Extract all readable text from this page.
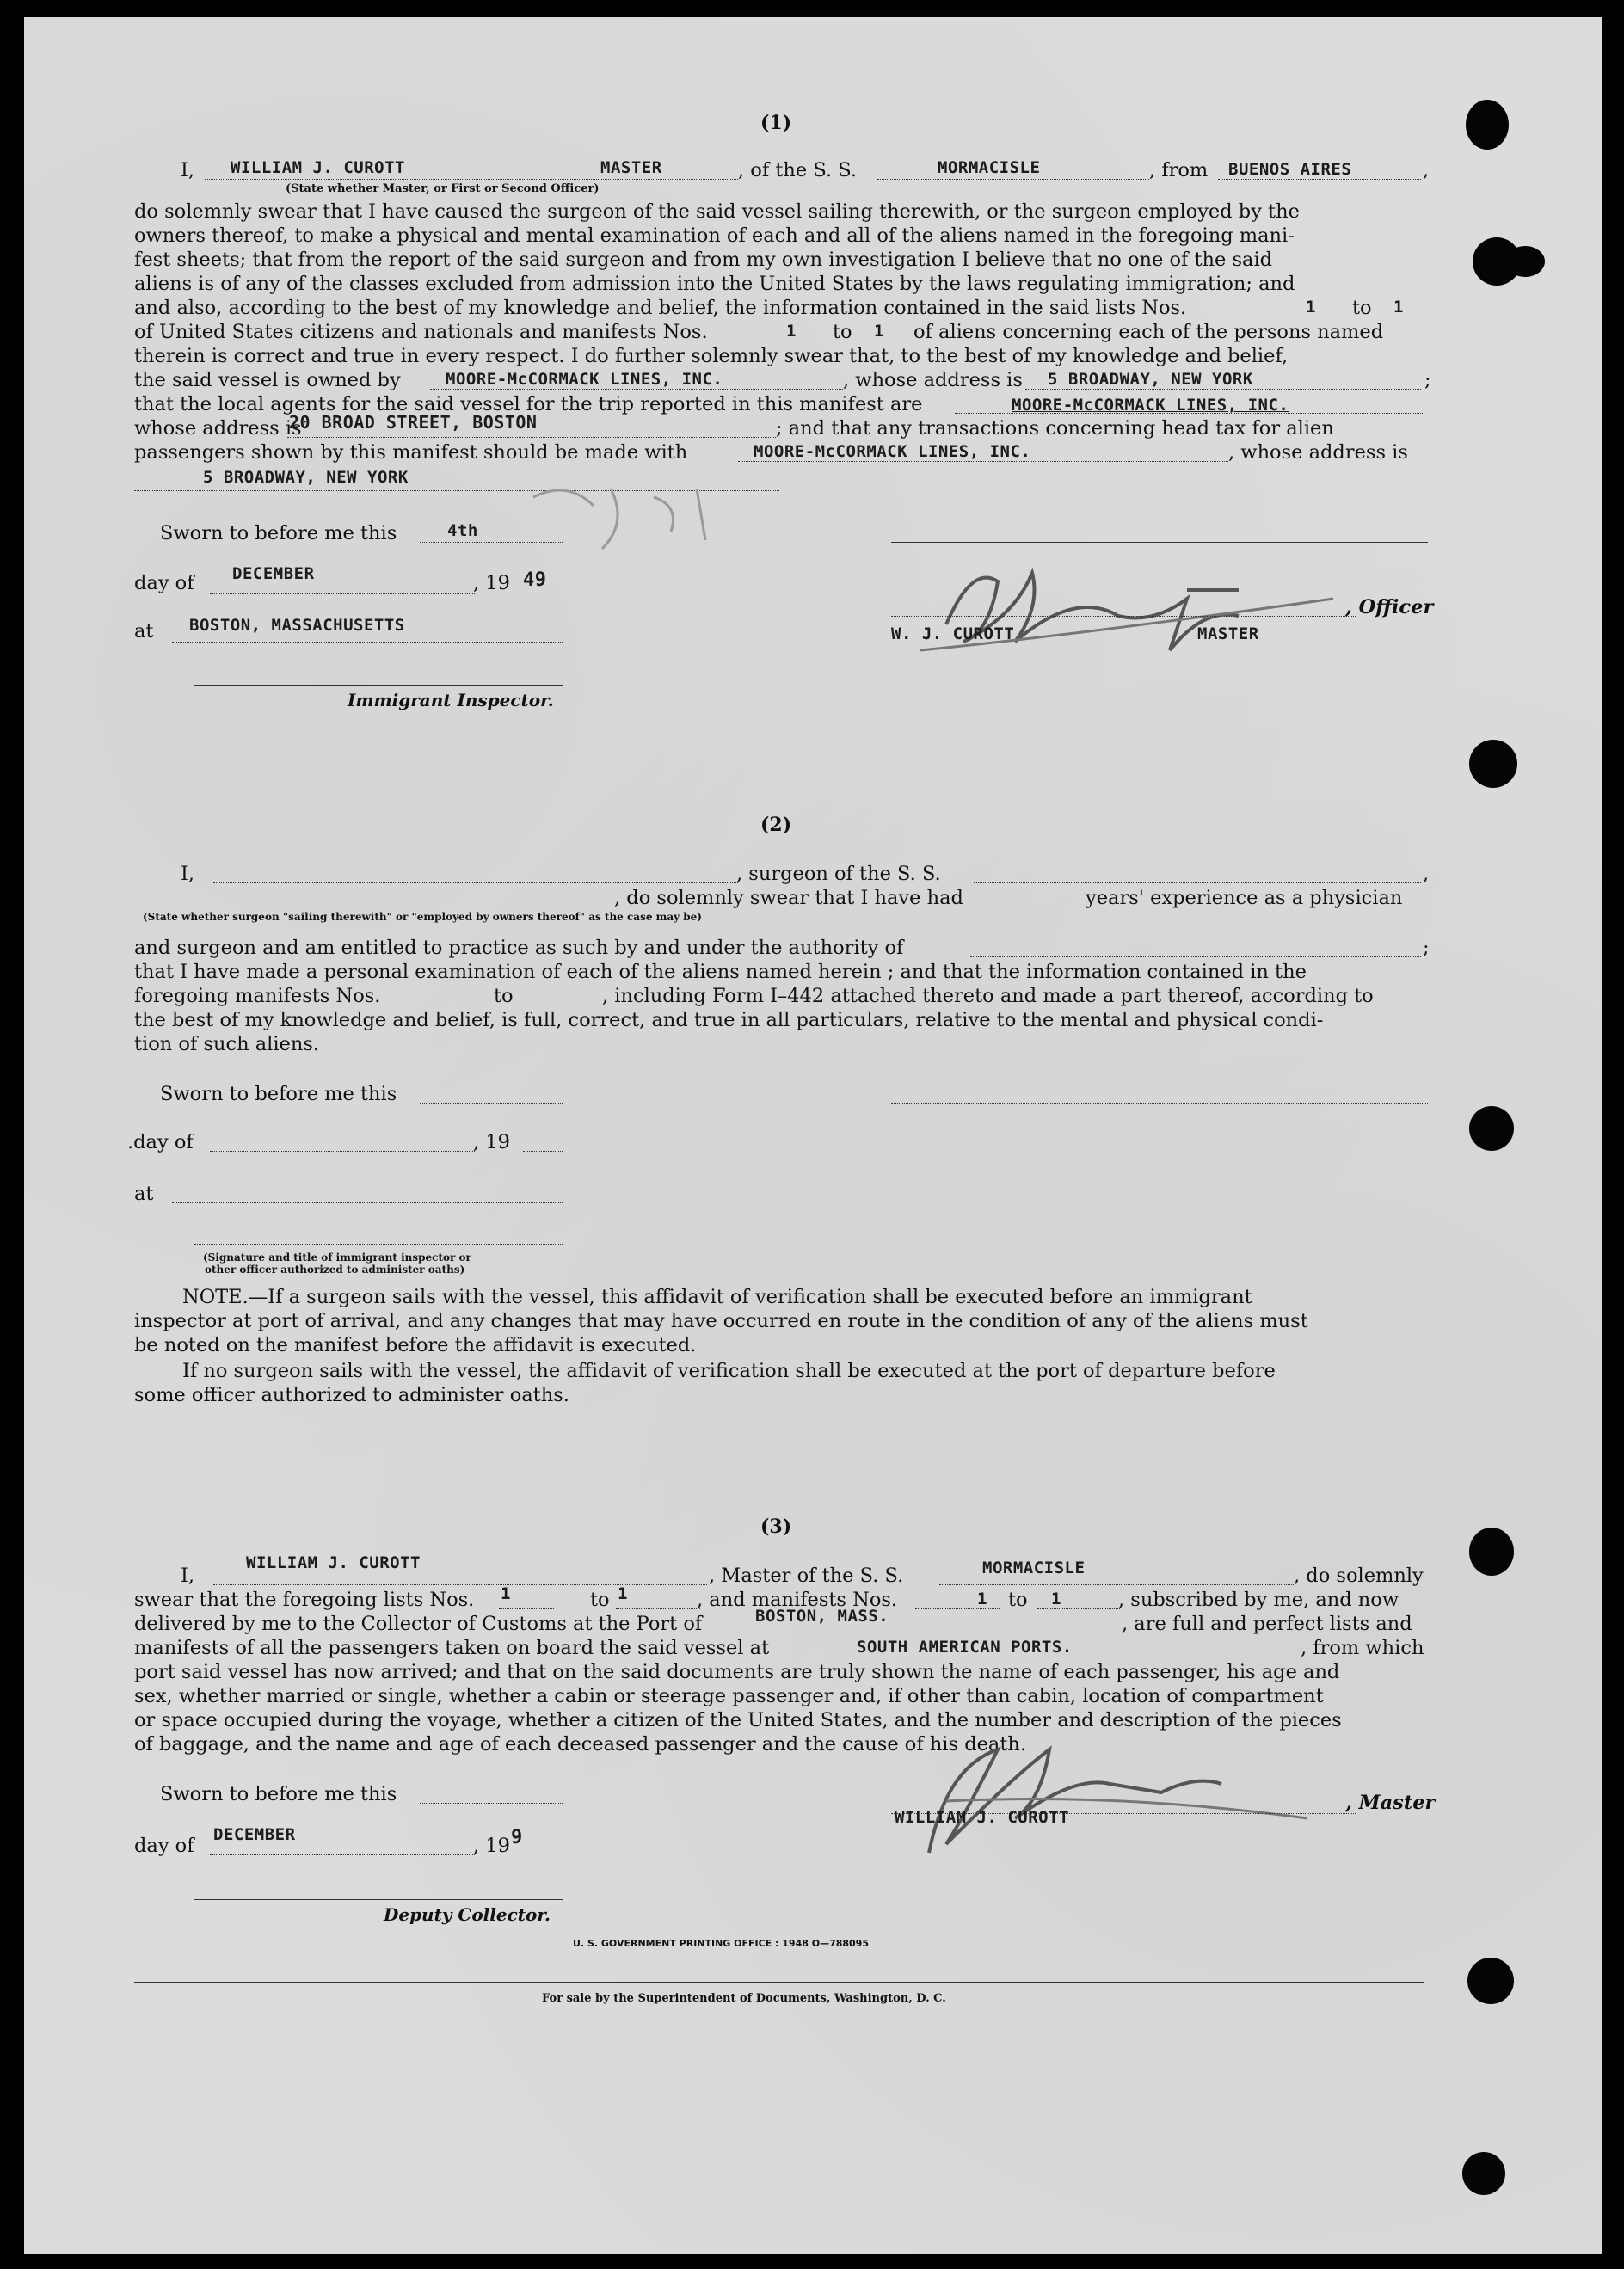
(1)
I, WILLIAM J. CUROTT	MASTER	, of the S. S.	MORMACISLE	, from BUENOS AIRES	,
(State whether Master, or First or Second Officer)
do solemnly swear that I have caused the surgeon of the said vessel sailing therewith, or the surgeon employed by the
owners thereof, to make a physical and mental examination of each and all of the aliens named in the foregoing mani-
fest sheets; that from the report of the said surgeon and from my own investigation I believe that no one of the said
aliens is of any of the classes excluded from admission into the United States by the laws regulating immigration; and
and also, according to the best of my knowledge and belief, the information contained in the said lists Nos.	1 to 1
of United States citizens and nationals and manifests Nos.	1 to 1 of aliens concerning each of the persons named
therein is correct and true in every respect. I do further solemnly swear that, to the best of my knowledge and belief,
the said vessel is owned by	MOORE-McCORMACK LINES, INC.	, whose address is 5 BROADWAY, NEW YORK	;
that the local agents for the said vessel for the trip reported in this manifest are	MOORE-McCORMACK LINES, INC.
whose address is
20 BROAD STREET, BOSTON	; and that any transactions concerning head tax for alien
passengers shown by this manifest should be made with	MOORE-McCORMACK LINES, INC.	, whose address is
5 BROADWAY, NEW YORK
Sworn to before me this	4th
day of DECEMBER	, 19 49
at BOSTON, MASSACHUSETTS
Immigrant Inspector.
, Officer
W. J. CUROTT	MASTER
(2)
I,	, surgeon of the S. S.	,
, do solemnly swear that I have had	years' experience as a physician
(State whether surgeon "sailing therewith" or "employed by owners thereof" as the case may be)
and surgeon and am entitled to practice as such by and under the authority of	;
that I have made a personal examination of each of the aliens named herein ; and that the information contained in the
foregoing manifests Nos.	to	, including Form I–442 attached thereto and made a part thereof, according to
the best of my knowledge and belief, is full, correct, and true in all particulars, relative to the mental and physical condi-
tion of such aliens.
Sworn to before me this
.day of	, 19
at
(Signature and title of immigrant inspector or
other officer authorized to administer oaths)
NOTE.—If a surgeon sails with the vessel, this affidavit of verification shall be executed before an immigrant
inspector at port of arrival, and any changes that may have occurred en route in the condition of any of the aliens must
be noted on the manifest before the affidavit is executed.
If no surgeon sails with the vessel, the affidavit of verification shall be executed at the port of departure before
some officer authorized to administer oaths.
(3)
I,
WILLIAM J. CUROTT
, Master of the S. S.	MORMACISLE	, do solemnly
swear that the foregoing lists Nos. 1	to 1	, and manifests Nos.	1 to 1	, subscribed by me, and now
delivered by me to the Collector of Customs at the Port of	BOSTON, MASS.	, are full and perfect lists and
manifests of all the passengers taken on board the said vessel at	SOUTH AMERICAN PORTS.	, from which
port said vessel has now arrived; and that on the said documents are truly shown the name of each passenger, his age and
sex, whether married or single, whether a cabin or steerage passenger and, if other than cabin, location of compartment
or space occupied during the voyage, whether a citizen of the United States, and the number and description of the pieces
of baggage, and the name and age of each deceased passenger and the cause of his death.
Sworn to before me this	, Master
WILLIAM J. CUROTT
day of DECEMBER	, 19 9
Deputy Collector.
U. S. GOVERNMENT PRINTING OFFICE : 1948 O—788095
For sale by the Superintendent of Documents, Washington, D. C.
